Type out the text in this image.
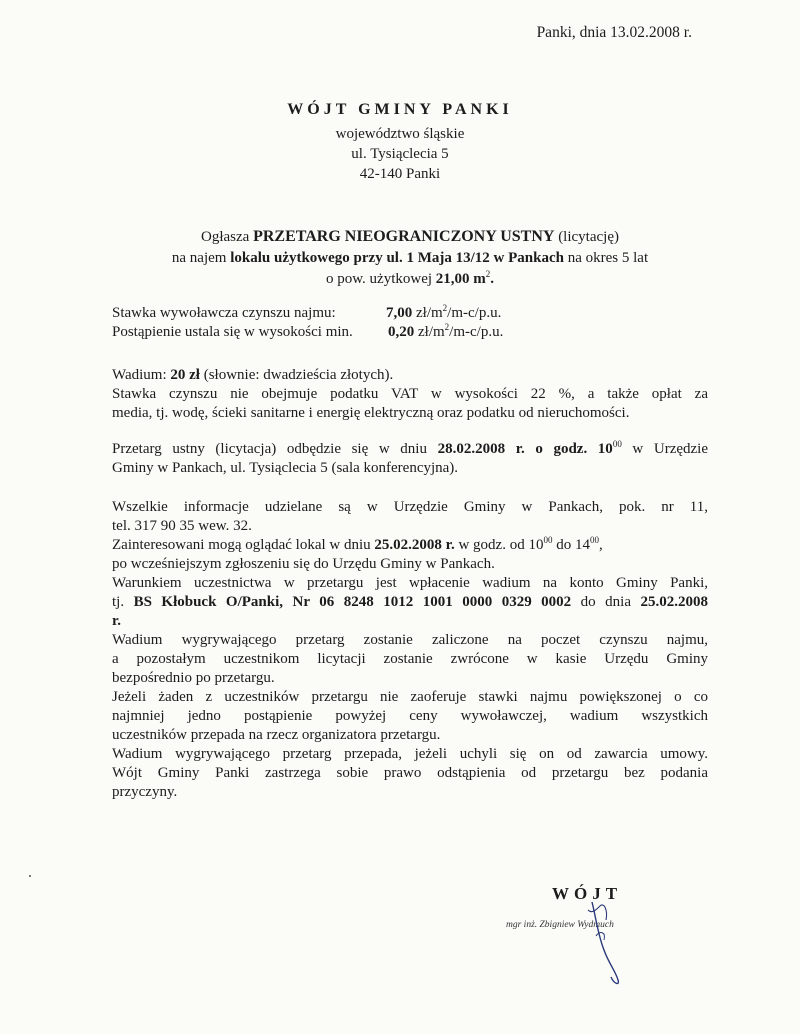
Panki, dnia 13.02.2008 r.
WÓJT GMINY PANKI
województwo śląskie
ul. Tysiąclecia 5
42-140 Panki
Ogłasza PRZETARG NIEOGRANICZONY USTNY (licytację)
na najem lokalu użytkowego przy ul. 1 Maja 13/12 w Pankach na okres 5 lat
o pow. użytkowej 21,00 $m^2$.
Stawka wywoławcza czynszu najmu:	7,00 $zł/m^2/m-c/p.u$.
Postąpienie ustala się w wysokości min. 0,20 $zł/m^2/m-c/p.u$.
Wadium: 20 zł (słownie: dwadzieścia złotych).
Stawka czynszu nie obejmuje podatku VAT w wysokości 22 %, a także opłat za
media, tj. wodę, ścieki sanitarne i energię elektryczną oraz podatku od nieruchomości.
Przetarg ustny (licytacja) odbędzie się w dniu 28.02.2008 r. o godz. $10^{00}$ w Urzędzie
Gminy w Pankach, ul. Tysiąclecia 5 (sala konferencyjna).
Wszelkie informacje udzielane są w Urzędzie Gminy w Pankach, pok. nr 11,
tel. 317 90 35 wew. 32.
Zainteresowani mogą oglądać lokal w dniu 25.02.2008 r. w godz. od $10^{00}$ do $14^{00}$,
po wcześniejszym zgłoszeniu się do Urzędu Gminy w Pankach.
Warunkiem uczestnictwa w przetargu jest wpłacenie wadium na konto Gminy Panki,
tj. BS Kłobuck O/Panki, Nr 06 8248 1012 1001 0000 0329 0002 do dnia 25.02.2008
r.
Wadium wygrywającego przetarg zostanie zaliczone na poczet czynszu najmu,
a pozostałym uczestnikom licytacji zostanie zwrócone w kasie Urzędu Gminy
bezpośrednio po przetargu.
Jeżeli żaden z uczestników przetargu nie zaoferuje stawki najmu powiększonej o co
najmniej jedno postąpienie powyżej ceny wywoławczej, wadium wszystkich
uczestników przepada na rzecz organizatora przetargu.
Wadium wygrywającego przetarg przepada, jeżeli uchyli się on od zawarcia umowy.
Wójt Gminy Panki zastrzega sobie prawo odstąpienia od przetargu bez podania
przyczyny.
WÓJT
mgr inż. Zbigniew Wydmuch
